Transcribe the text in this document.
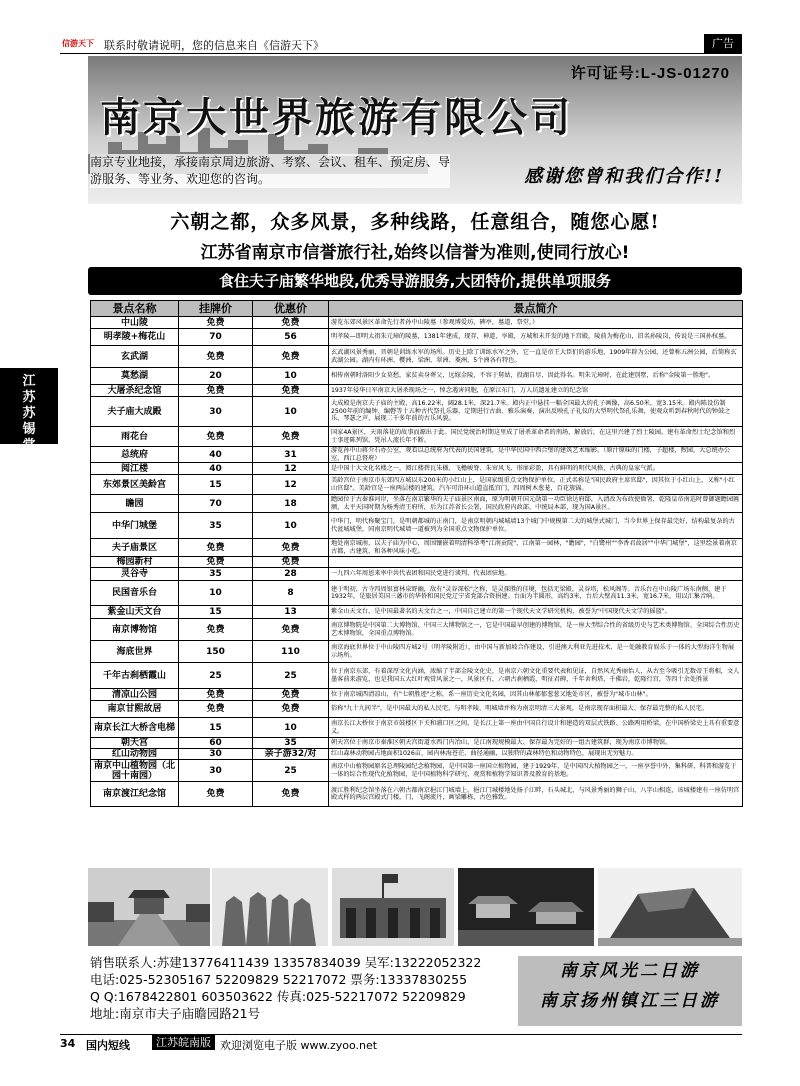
信游天下 联系时敬请说明，您的信息来自《信游天下》	广告
许可证号:L-JS-01270
南京大世界旅游有限公司
南京专业地接，承接南京周边旅游、考察、会议、租车、预定房、导游服务、等业务、欢迎您的咨询。	感谢您曾和我们合作!!
六朝之都，众多风景，多种线路，任意组合，随您心愿!
江苏省南京市信誉旅行社,始终以信誉为准则,使同行放心!
食住夫子庙繁华地段,优秀导游服务,大团特价,提供单项服务
江
苏
苏
锡
常
景点名称	挂牌价	优惠价	景点简介
中山陵	免费	免费	游览东郊风景区革命先行者孙中山陵墓（参观博爱坊，碑亭，墓道，祭堂，）
明孝陵+梅花山	70	56	明孝陵—即明太祖朱元璋的陵墓，1381年建成，现存，神道，享殿，方城和未开发的地下宫殿，陵前为梅花山，旧名孙陵岗，传说是三国孙权墓。
玄武湖	免费	免费	玄武湖风景秀丽，晋朝是训练水军的场所。历史上除了训练水军之外，它一直是帝王大臣们的游乐地，1909年辟为公园，还曾称五洲公园，后简称玄武湖公园。湖内有环洲、樱洲、梁洲、翠洲、菱洲，5个洲各有特色。
莫愁湖	20	10	相传南朝时洛阳少女莫愁，家贫卖身葬父，远嫁金陵，不容于舅姑，投湖自尽，因此得名。明朱元璋时，在此建别墅，后称"金陵第一胜地"。
大屠杀纪念馆	免费	免费	1937年侵华日军南京大屠杀现场之一，悼念遇害同胞，在原江东门，万人坑遗址建立的纪念馆
夫子庙大成殿	30	10	大成殿是南京夫子庙的主殿，高16.22米，阔28.1米，深21.7米。殿内正中悬挂一幅全国最大的孔子画像，高6.50米，宽3.15米。殿内陈设仿制2500年前的编钟、编磬等十五种古代祭孔乐器，定期进行古曲、雅乐演奏，演出反映孔子礼仪的大型明代祭孔乐舞，使观众听到春秋时代的钟鼓之乐、琴瑟之声，展现二千多年前的古乐风貌。
雨花台	免费	免费	国家4A景区，天雨落花的故事而源出于此。国民党统治时期这里成了屠杀革命者的刑场，解放后，在这里兴建了烈士陵园。建有革命烈士纪念馆和烈士事迹陈列馆，凭吊人流长年不断。
总统府	40	31	游览孙中山蒋介石办公室，观看以总统府为代表的民国建筑，是中华民国中西合璧的建筑艺术缩影。（原汁原味的门楼，子超楼，煦园，大总统办公室，西江总督府）
阅江楼	40	12	是中国十大文化名楼之一，阅江楼碧瓦朱楹、飞檐峻脊、朱帘风飞、形扉彩盈，具有鲜明的明代风格，古典的皇家气派。
东郊景区美龄宫	15	12	美龄宫位于南京市东郊四方城以东200米的小红山上，是国家级重点文物保护单位。正式名称是"国民政府主席官邸"，因其位于小红山上，又称"小红山官邸"。美龄宫是一座两层楼的建筑，汽车可沿环山道直抵宫门，四周树木葱茏，百花簇锦。
瞻园	70	18	瞻园位于古秦淮河岸，坐落在南京繁华的夫子庙景区南面，原为明朝开国元勋第一功臣徐达府邸，入清改为布政使衙署，乾隆皇帝南巡时曾御题瞻园匾额，太平天国时期为杨秀清王府所，后为江苏省长公署，国民政府内政部，中统局本部，现为国A景区。
中华门城堡	35	10	中华门，明代称聚宝门，是明朝都城的正南门，是南京明朝内城城墙13个城门中规模第二大的城堡式城门，当今世界上保存最完好，结构最复杂的古代瓮城城堡，同南京明代城墙一道被列为全国重点文物保护单位。
夫子庙景区	免费	免费	地处南京城南，以夫子庙为中心，周围镶嵌着明清科举考"江南贡院"，江南第一园林，"瞻园"，"白鹭州""李香君故居""中华门城堡"，这里绘景着南京古都，古建筑，和各种风味小吃。
梅园新村	免费	免费	
灵谷寺	35	28	一九四六年周恩来率中共代表团和国民党进行谈判，代表团驻地。
民国音乐台	10	8	建于明初，古寺四周银富林泉野幽，敌有"灵谷深松"之称，是灵探胜的佳境，包括无梁殿，灵谷塔，松风阁等。音乐台在中山陵广场东南侧，建于1932年，是旅居美国三藩市的华侨和国民党辽宁省党部合资捐建。台面为半圆形，高约3米，台后大壁高11.3米，宽16.7米，用以汇集音响。
紫金山天文台	15	13	紫金山天文台，是中国最著名的天文台之一，中国自己建立的第一个现代天文学研究机构，被誉为"中国现代天文学的摇篮"。
南京博物馆	免费	免费	南京博物院是中国第二大博物馆、中国三大博物馆之一，它是中国最早创建的博物馆，是一座大型综合性的省级历史与艺术类博物馆、全国综合性历史艺术博物馆，全国重点博物馆。
海底世界	150	110	南京海底世界位于中山陵四方城2号（明孝陵附近），由中国与新加坡合作建设，引进澳大利亚先进技术，是一处融教育娱乐于一体的大型海洋生物展示场所。
千年古刹栖霞山	25	25	位于南京东郊，有着深厚文化内涵，浓缩了半部金陵文化史，是南京六朝文化重要代表和见证，自然风光秀丽怡人，从古至今吸引无数帝王将相，文人墨客前来游览，也是我国五大红叶观赏风景之一，风景区有，六朝古刹栖霞，明征君碑，千年舍利塔，千佛岩，乾隆行宫，等四十余处胜景
清凉山公园	免费	免费	位于南京城西清凉山，有"七朝胜迹"之称，系一座历史文化名园，因其山林郁郁葱葱又地处市区，被誉为"城市山林"。
南京甘熙故居	免费	免费	俗称"九十九间半"，是中国最大的私人民宅，与明孝陵、明城墙并称为南京明清三大景观，是南京现存面积最大、保存最完整的私人民宅。
南京长江大桥含电梯	15	10	南京长江大桥位于南京市鼓楼区下关和浦口区之间，是长江上第一座由中国自行设计和建造的双层式铁路、公路两用桥梁，在中国桥梁史上具有重要意义。
朝天宫	60	35	朝天宫位于南京市秦淮区朝天宫街道水西门内冶山，是江南现规模最大、保存最为完好的一组古建筑群，现为南京市博物馆。
红山动物园	30	亲子游32/对	红山森林动物园占地面积1026亩，园内林海苍茫、曲径通幽，以独特的森林特色和动物特色，展现出无穷魅力。
南京中山植物园（北园十南园）	30	25	南京中山植物园原名总理陵园纪念植物园，是中国第一座国立植物园，建于1929年，是中国四大植物园之一，一座享誉中外，集科研、科普和游览于一体的综合性现代化植物园，是中国植物科学研究、观赏和植物学知识普及教育的基地。
南京渡江纪念馆	免费	免费	渡江胜利纪念馆坐落在六朝古都南京挹江门城墙上。挹江门城楼地处扬子江畔，石头城北，与风景秀丽的狮子山、八字山相连，该城楼建有一座仿明宫殿式样的两层宫殿式门楼，门，飞阁流丹，画梁雕栋，古色雅致。
销售联系人:苏建13776411439 13357834039 吴军:13222052322
电话:025-52305167 52209829 52217072 票务:13337830255
Q Q:1678422801 603503622 传真:025-52217072 52209829
地址:南京市夫子庙瞻园路21号
南京风光二日游
南京扬州镇江三日游
34 国内短线	江苏皖南版 欢迎浏览电子版 www.zyoo.net
